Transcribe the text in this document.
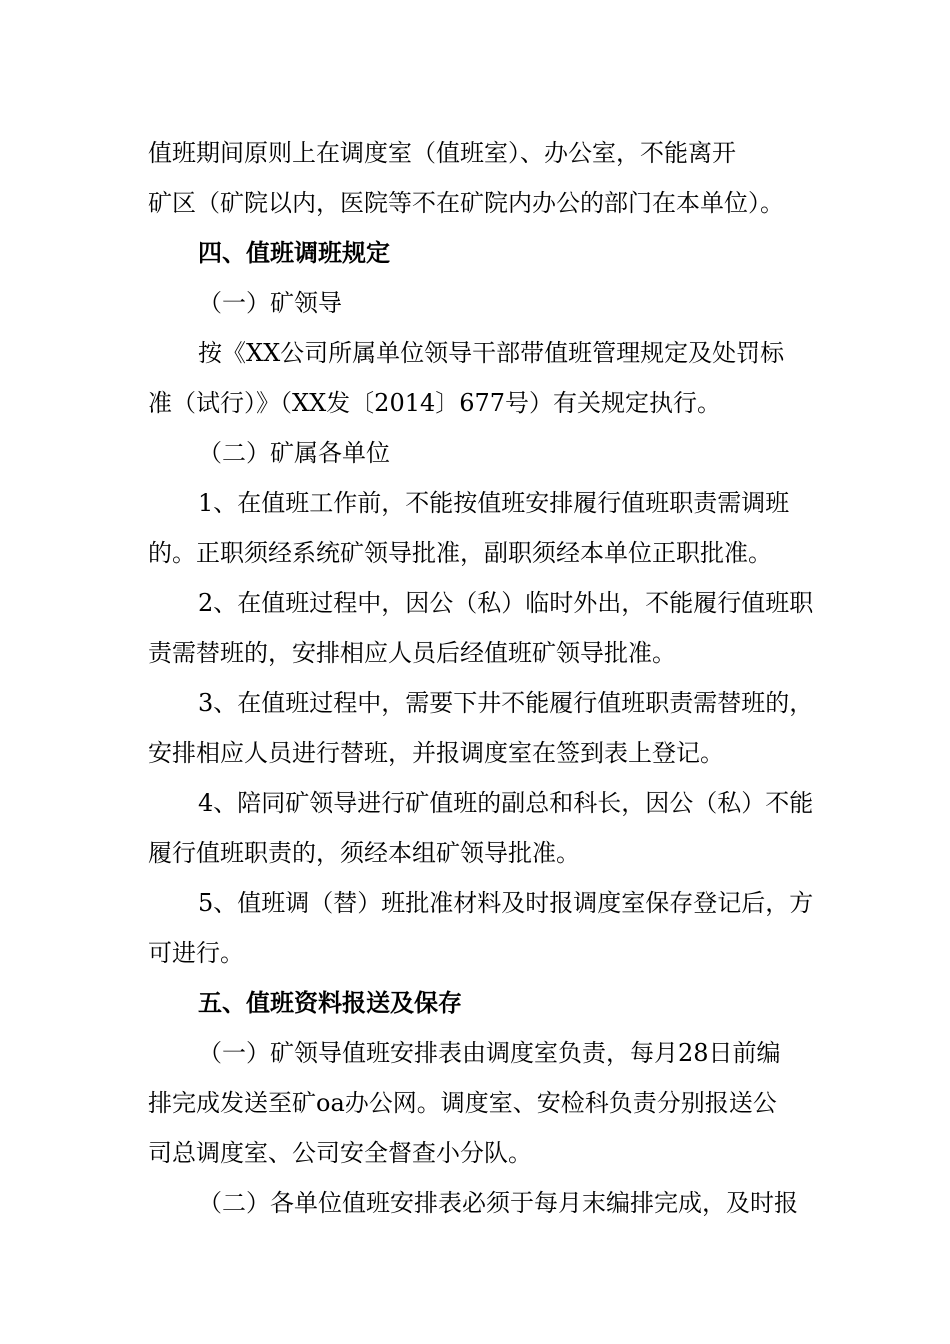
值班期间原则上在调度室（值班室）、办公室，不能离开
矿区（矿院以内，医院等不在矿院内办公的部门在本单位）。
四、值班调班规定
（一）矿领导
按《XX公司所属单位领导干部带值班管理规定及处罚标
准（试行）》（XX发〔2014〕677号）有关规定执行。
（二）矿属各单位
1、在值班工作前，不能按值班安排履行值班职责需调班
的。正职须经系统矿领导批准，副职须经本单位正职批准。
2、在值班过程中，因公（私）临时外出，不能履行值班职
责需替班的，安排相应人员后经值班矿领导批准。
3、在值班过程中，需要下井不能履行值班职责需替班的，
安排相应人员进行替班，并报调度室在签到表上登记。
4、陪同矿领导进行矿值班的副总和科长，因公（私）不能
履行值班职责的，须经本组矿领导批准。
5、值班调（替）班批准材料及时报调度室保存登记后，方
可进行。
五、值班资料报送及保存
（一）矿领导值班安排表由调度室负责，每月28日前编
排完成发送至矿oa办公网。调度室、安检科负责分别报送公
司总调度室、公司安全督查小分队。
（二）各单位值班安排表必须于每月末编排完成，及时报
